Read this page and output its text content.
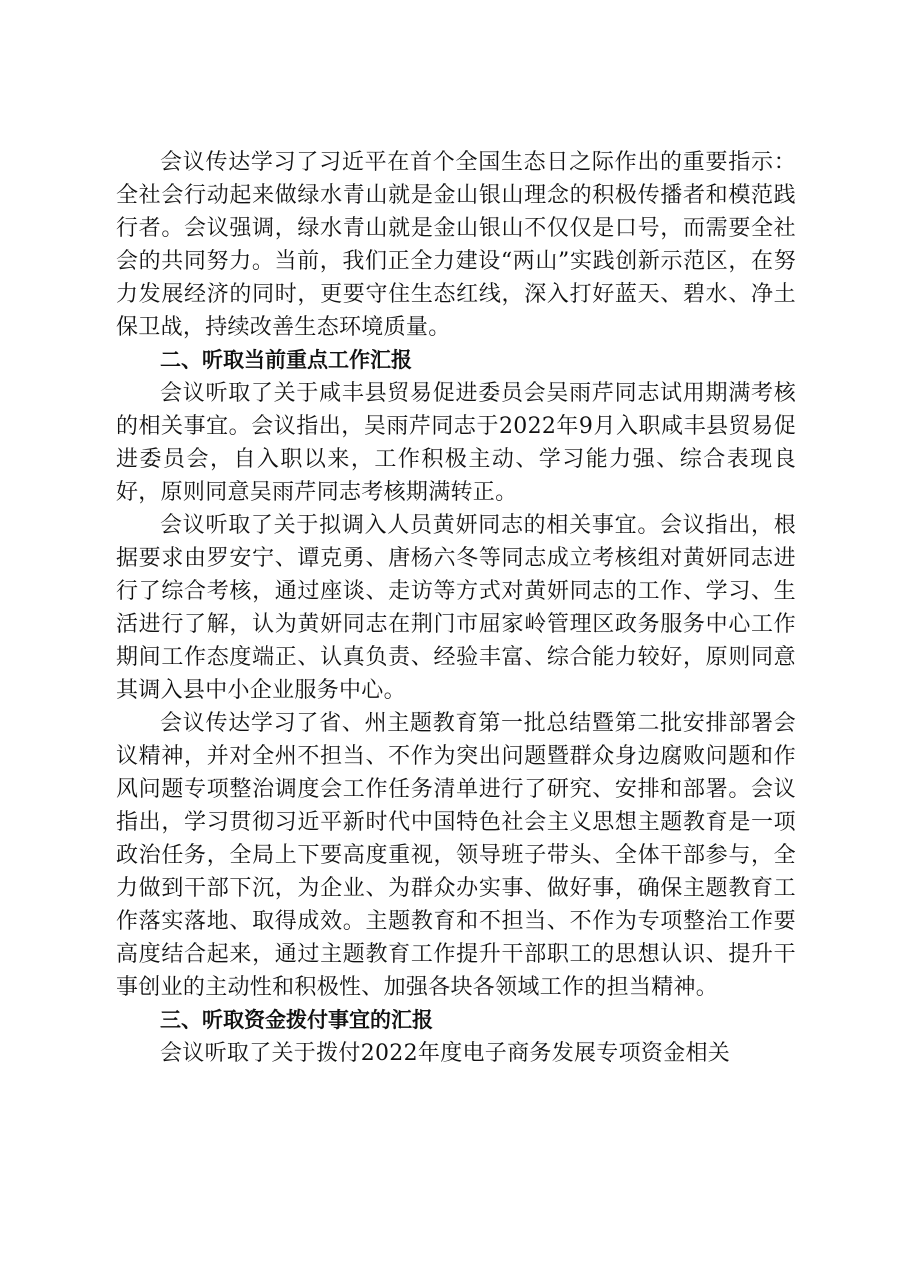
会议传达学习了习近平在首个全国生态日之际作出的重要指示：全社会行动起来做绿水青山就是金山银山理念的积极传播者和模范践行者。会议强调，绿水青山就是金山银山不仅仅是口号，而需要全社会的共同努力。当前，我们正全力建设“两山”实践创新示范区，在努力发展经济的同时，更要守住生态红线，深入打好蓝天、碧水、净土保卫战，持续改善生态环境质量。

二、听取当前重点工作汇报

会议听取了关于咸丰县贸易促进委员会吴雨芹同志试用期满考核的相关事宜。会议指出，吴雨芹同志于2022年9月入职咸丰县贸易促进委员会，自入职以来，工作积极主动、学习能力强、综合表现良好，原则同意吴雨芹同志考核期满转正。

会议听取了关于拟调入人员黄妍同志的相关事宜。会议指出，根据要求由罗安宁、谭克勇、唐杨六冬等同志成立考核组对黄妍同志进行了综合考核，通过座谈、走访等方式对黄妍同志的工作、学习、生活进行了解，认为黄妍同志在荆门市屈家岭管理区政务服务中心工作期间工作态度端正、认真负责、经验丰富、综合能力较好，原则同意其调入县中小企业服务中心。

会议传达学习了省、州主题教育第一批总结暨第二批安排部署会议精神，并对全州不担当、不作为突出问题暨群众身边腐败问题和作风问题专项整治调度会工作任务清单进行了研究、安排和部署。会议指出，学习贯彻习近平新时代中国特色社会主义思想主题教育是一项政治任务，全局上下要高度重视，领导班子带头、全体干部参与，全力做到干部下沉，为企业、为群众办实事、做好事，确保主题教育工作落实落地、取得成效。主题教育和不担当、不作为专项整治工作要高度结合起来，通过主题教育工作提升干部职工的思想认识、提升干事创业的主动性和积极性、加强各块各领域工作的担当精神。

三、听取资金拨付事宜的汇报

会议听取了关于拨付2022年度电子商务发展专项资金相关
